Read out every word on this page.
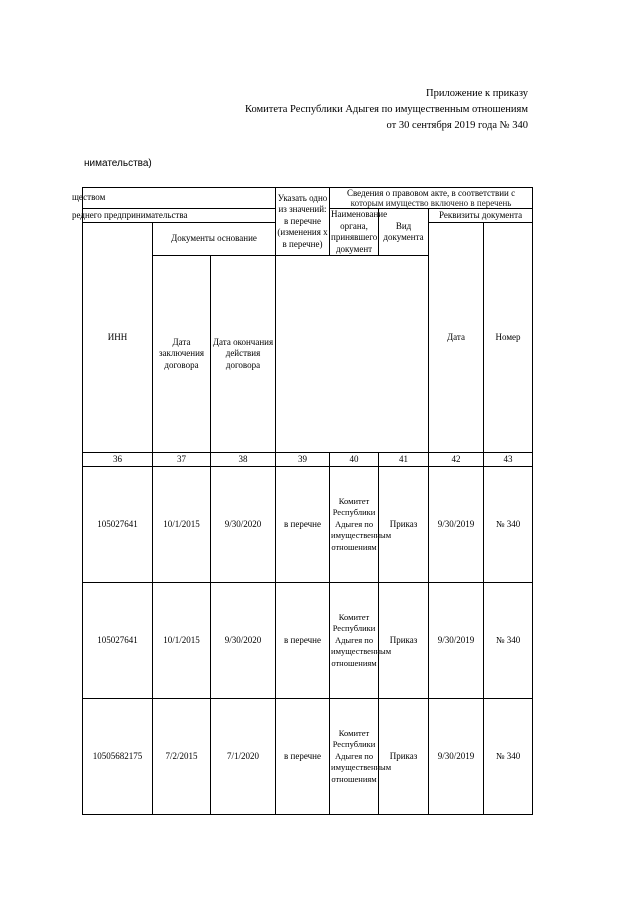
Приложение к приказу
Комитета Республики Адыгея по имущественным отношениям
от 30 сентября 2019 года № 340
нимательства)
ществом			Указать одно из значений: в перечне (изменения х в перечне)	Сведения о правовом акте, в соответствии с
которым имущество включено в перечень			

реднего предпринимательства				Наименование органа, принявшего документ	Вид документа	Реквизиты документа	
ИНН	Документы основание					Дата	Номер
	Дата заключения договора	Дата окончания действия договора					
36	37	38	39	40	41	42	43
105027641	10/1/2015	9/30/2020	в перечне	Комитет Республики Адыгея по имущественным отношениям	Приказ	9/30/2019	№ 340
105027641	10/1/2015	9/30/2020	в перечне	Комитет Республики Адыгея по имущественным отношениям	Приказ	9/30/2019	№ 340
10505682175	7/2/2015	7/1/2020	в перечне	Комитет Республики Адыгея по имущественным отношениям	Приказ	9/30/2019	№ 340
